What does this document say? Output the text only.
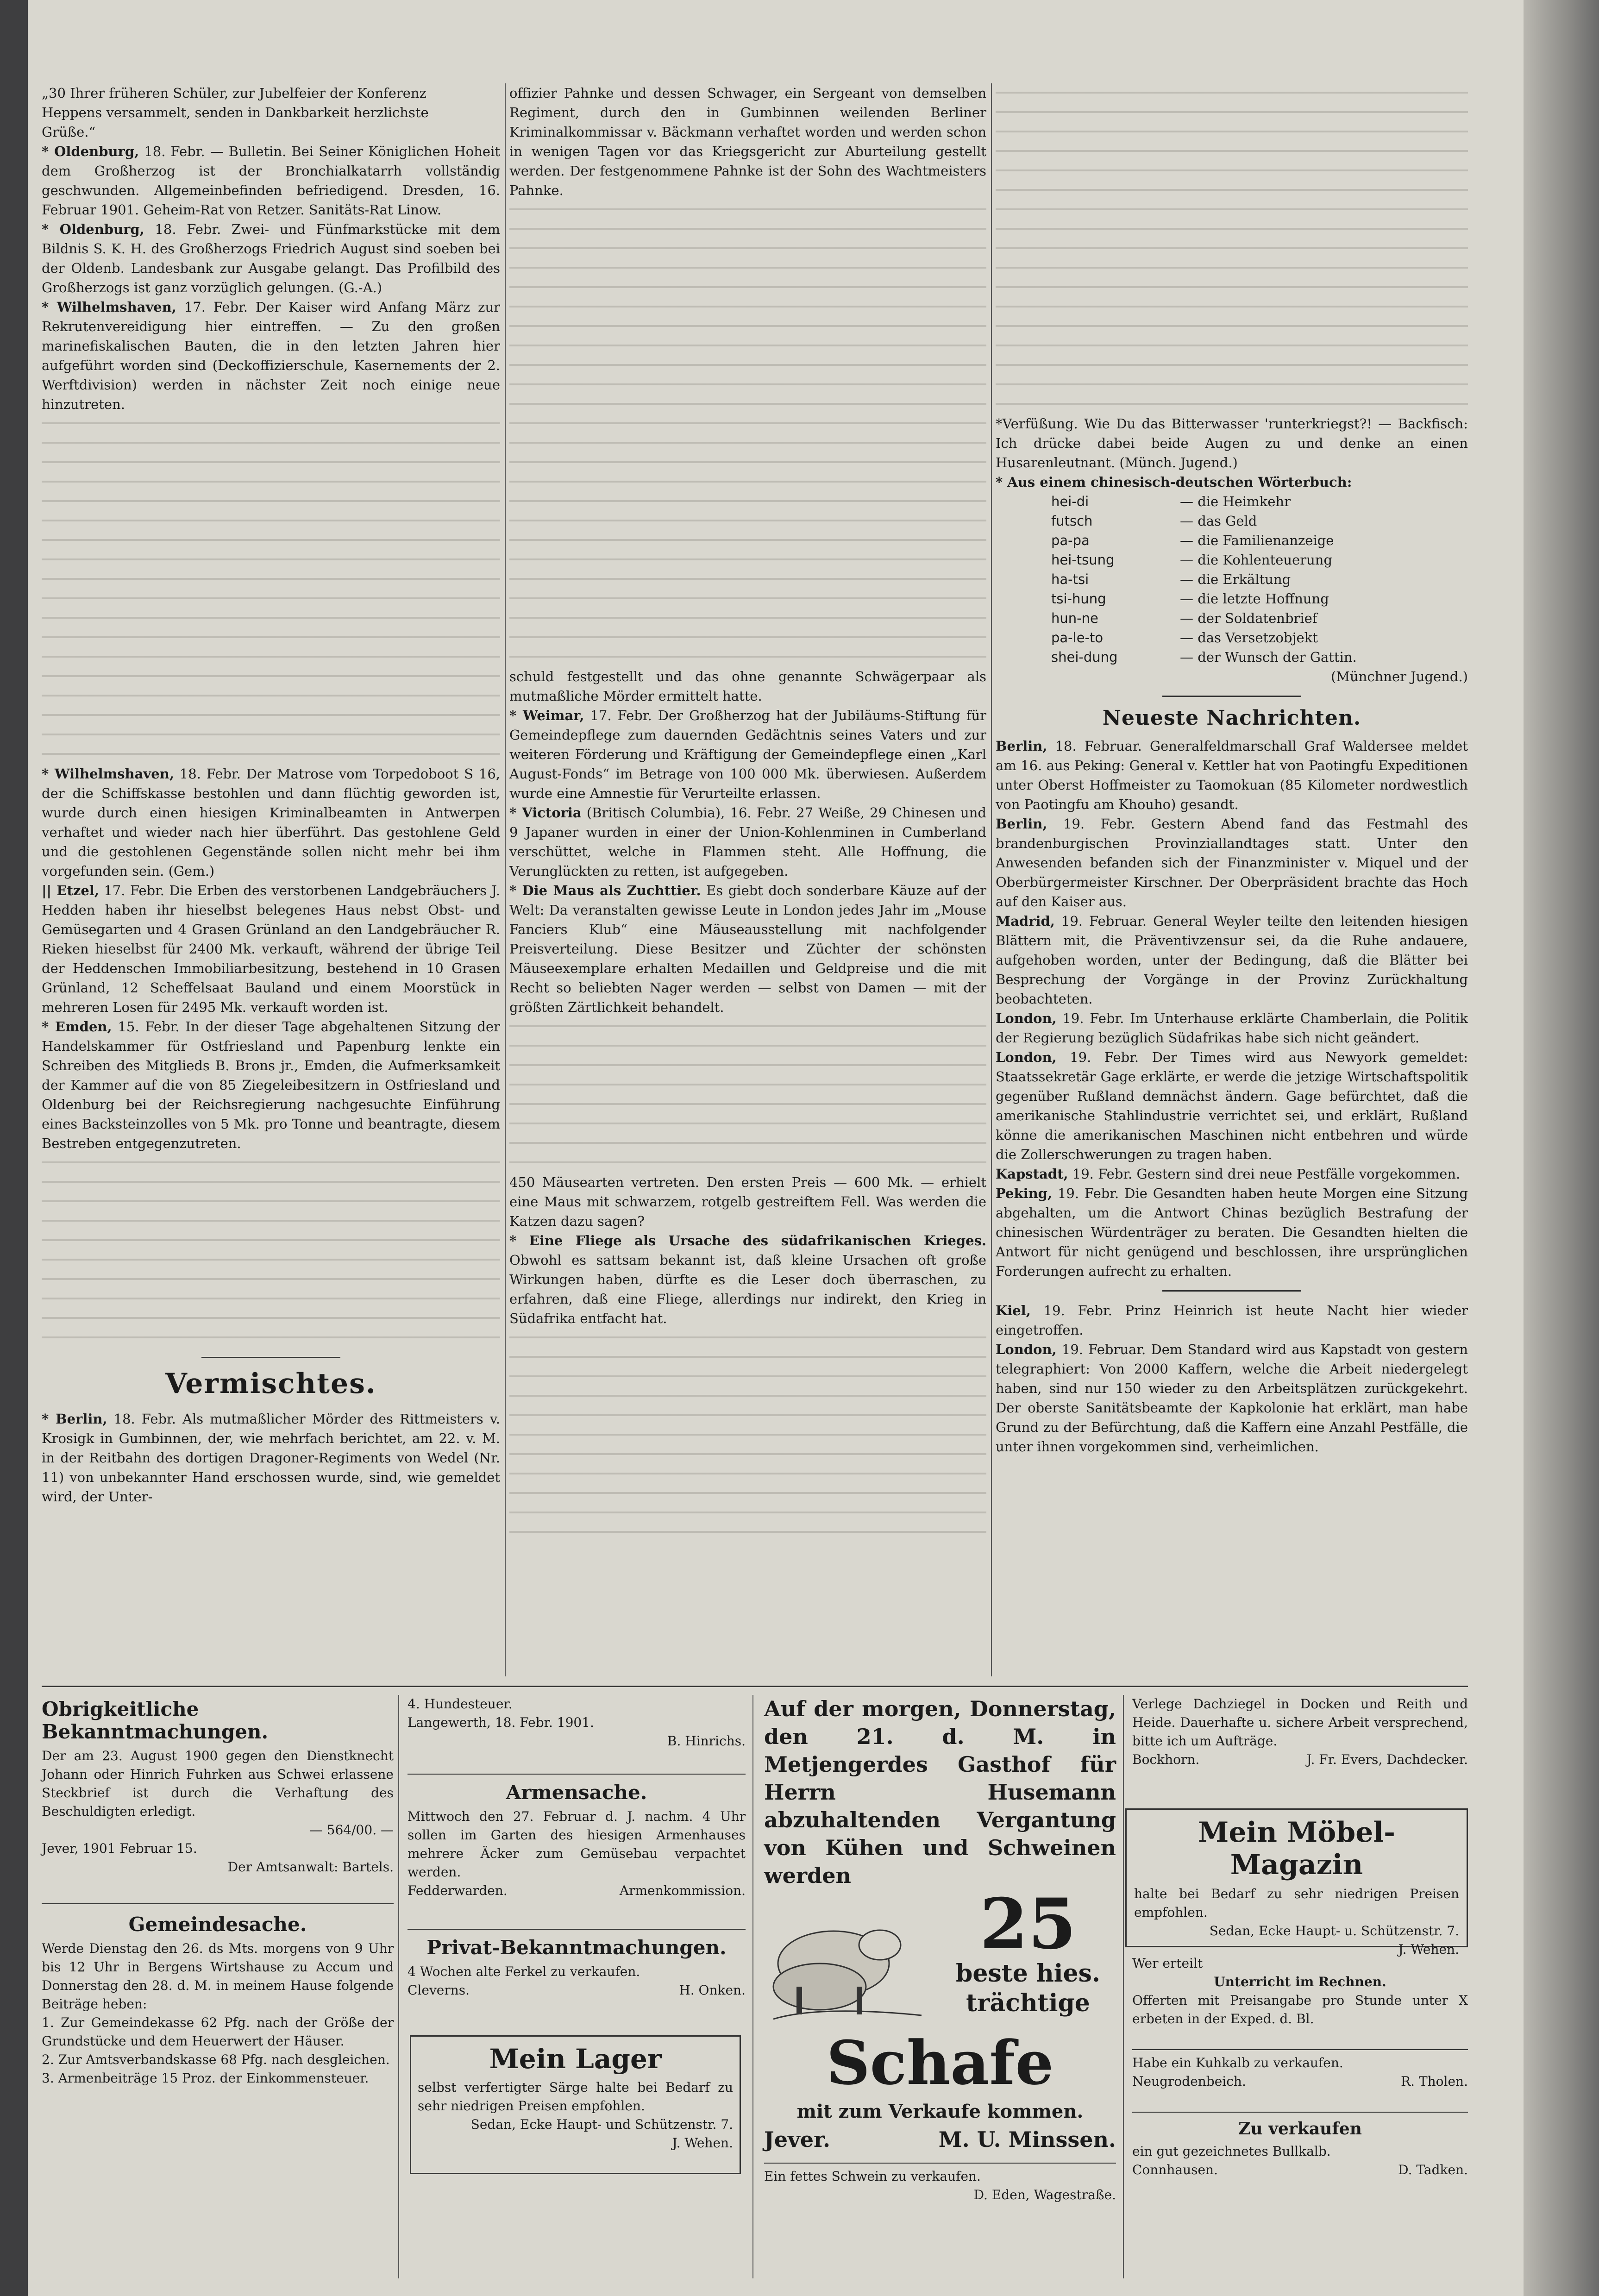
„30 Ihrer früheren Schüler, zur Jubelfeier der Konferenz
Heppens versammelt, senden in Dankbarkeit herzlichste
Grüße.“

* Oldenburg, 18. Febr. — Bulletin. Bei Seiner Königlichen Hoheit dem Großherzog ist der Bronchialkatarrh vollständig geschwunden. Allgemeinbefinden befriedigend. Dresden, 16. Februar 1901. Geheim-Rat von Retzer. Sanitäts-Rat Linow.

* Oldenburg, 18. Febr. Zwei- und Fünfmarkstücke mit dem Bildnis S. K. H. des Großherzogs Friedrich August sind soeben bei der Oldenb. Landesbank zur Ausgabe gelangt. Das Profilbild des Großherzogs ist ganz vorzüglich gelungen. (G.-A.)

* Wilhelmshaven, 17. Febr. Der Kaiser wird Anfang März zur Rekrutenvereidigung hier eintreffen. — Zu den großen marinefiskalischen Bauten, die in den letzten Jahren hier aufgeführt worden sind (Deckoffizierschule, Kasernements der 2. Werftdivision) werden in nächster Zeit noch einige neue hinzutreten.

* Wilhelmshaven, 18. Febr. Der Matrose vom Torpedoboot S 16, der die Schiffskasse bestohlen und dann flüchtig geworden ist, wurde durch einen hiesigen Kriminalbeamten in Antwerpen verhaftet und wieder nach hier überführt. Das gestohlene Geld und die gestohlenen Gegenstände sollen nicht mehr bei ihm vorgefunden sein. (Gem.)

|| Etzel, 17. Febr. Die Erben des verstorbenen Landgebräuchers J. Hedden haben ihr hieselbst belegenes Haus nebst Obst- und Gemüsegarten und 4 Grasen Grünland an den Landgebräucher R. Rieken hieselbst für 2400 Mk. verkauft, während der übrige Teil der Heddenschen Immobiliarbesitzung, bestehend in 10 Grasen Grünland, 12 Scheffelsaat Bauland und einem Moorstück in mehreren Losen für 2495 Mk. verkauft worden ist.

* Emden, 15. Febr. In der dieser Tage abgehaltenen Sitzung der Handelskammer für Ostfriesland und Papenburg lenkte ein Schreiben des Mitglieds B. Brons jr., Emden, die Aufmerksamkeit der Kammer auf die von 85 Ziegeleibesitzern in Ostfriesland und Oldenburg bei der Reichsregierung nachgesuchte Einführung eines Backsteinzolles von 5 Mk. pro Tonne und beantragte, diesem Bestreben entgegenzutreten.

Vermischtes.

* Berlin, 18. Febr. Als mutmaßlicher Mörder des Rittmeisters v. Krosigk in Gumbinnen, der, wie mehrfach berichtet, am 22. v. M. in der Reitbahn des dortigen Dragoner-Regiments von Wedel (Nr. 11) von unbekannter Hand erschossen wurde, sind, wie gemeldet wird, der Unter-

offizier Pahnke und dessen Schwager, ein Sergeant von demselben Regiment, durch den in Gumbinnen weilenden Berliner Kriminalkommissar v. Bäckmann verhaftet worden und werden schon in wenigen Tagen vor das Kriegsgericht zur Aburteilung gestellt werden. Der festgenommene Pahnke ist der Sohn des Wachtmeisters Pahnke.

schuld festgestellt und das ohne genannte Schwägerpaar als mutmaßliche Mörder ermittelt hatte.

* Weimar, 17. Febr. Der Großherzog hat der Jubiläums-Stiftung für Gemeindepflege zum dauernden Gedächtnis seines Vaters und zur weiteren Förderung und Kräftigung der Gemeindepflege einen „Karl August-Fonds“ im Betrage von 100 000 Mk. überwiesen. Außerdem wurde eine Amnestie für Verurteilte erlassen.

* Victoria (Britisch Columbia), 16. Febr. 27 Weiße, 29 Chinesen und 9 Japaner wurden in einer der Union-Kohlenminen in Cumberland verschüttet, welche in Flammen steht. Alle Hoffnung, die Verunglückten zu retten, ist aufgegeben.

* Die Maus als Zuchttier. Es giebt doch sonderbare Käuze auf der Welt: Da veranstalten gewisse Leute in London jedes Jahr im „Mouse Fanciers Klub“ eine Mäuseausstellung mit nachfolgender Preisverteilung. Diese Besitzer und Züchter der schönsten Mäuseexemplare erhalten Medaillen und Geldpreise und die mit Recht so beliebten Nager werden — selbst von Damen — mit der größten Zärtlichkeit behandelt.

450 Mäusearten vertreten. Den ersten Preis — 600 Mk. — erhielt eine Maus mit schwarzem, rotgelb gestreiftem Fell. Was werden die Katzen dazu sagen?

* Eine Fliege als Ursache des südafrikanischen Krieges. Obwohl es sattsam bekannt ist, daß kleine Ursachen oft große Wirkungen haben, dürfte es die Leser doch überraschen, zu erfahren, daß eine Fliege, allerdings nur indirekt, den Krieg in Südafrika entfacht hat.

*Verfüßung. Wie Du das Bitterwasser 'runterkriegst?! — Backfisch: Ich drücke dabei beide Augen zu und denke an einen Husarenleutnant. (Münch. Jugend.)

* Aus einem chinesisch-deutschen Wörterbuch:

hei-di	— die Heimkehr
futsch	— das Geld
pa-pa	— die Familienanzeige
hei-tsung	— die Kohlenteuerung
ha-tsi	— die Erkältung
tsi-hung	— die letzte Hoffnung
hun-ne	— der Soldatenbrief
pa-le-to	— das Versetzobjekt
shei-dung	— der Wunsch der Gattin.
(Münchner Jugend.)
Neueste Nachrichten.

Berlin, 18. Februar. Generalfeldmarschall Graf Waldersee meldet am 16. aus Peking: General v. Kettler hat von Paotingfu Expeditionen unter Oberst Hoffmeister zu Taomokuan (85 Kilometer nordwestlich von Paotingfu am Khouho) gesandt.

Berlin, 19. Febr. Gestern Abend fand das Festmahl des brandenburgischen Provinziallandtages statt. Unter den Anwesenden befanden sich der Finanzminister v. Miquel und der Oberbürgermeister Kirschner. Der Oberpräsident brachte das Hoch auf den Kaiser aus.

Madrid, 19. Februar. General Weyler teilte den leitenden hiesigen Blättern mit, die Präventivzensur sei, da die Ruhe andauere, aufgehoben worden, unter der Bedingung, daß die Blätter bei Besprechung der Vorgänge in der Provinz Zurückhaltung beobachteten.

London, 19. Febr. Im Unterhause erklärte Chamberlain, die Politik der Regierung bezüglich Südafrikas habe sich nicht geändert.

London, 19. Febr. Der Times wird aus Newyork gemeldet: Staatssekretär Gage erklärte, er werde die jetzige Wirtschaftspolitik gegenüber Rußland demnächst ändern. Gage befürchtet, daß die amerikanische Stahlindustrie verrichtet sei, und erklärt, Rußland könne die amerikanischen Maschinen nicht entbehren und würde die Zollerschwerungen zu tragen haben.

Kapstadt, 19. Febr. Gestern sind drei neue Pestfälle vorgekommen.

Peking, 19. Febr. Die Gesandten haben heute Morgen eine Sitzung abgehalten, um die Antwort Chinas bezüglich Bestrafung der chinesischen Würdenträger zu beraten. Die Gesandten hielten die Antwort für nicht genügend und beschlossen, ihre ursprünglichen Forderungen aufrecht zu erhalten.

Kiel, 19. Febr. Prinz Heinrich ist heute Nacht hier wieder eingetroffen.

London, 19. Februar. Dem Standard wird aus Kapstadt von gestern telegraphiert: Von 2000 Kaffern, welche die Arbeit niedergelegt haben, sind nur 150 wieder zu den Arbeitsplätzen zurückgekehrt. Der oberste Sanitätsbeamte der Kapkolonie hat erklärt, man habe Grund zu der Befürchtung, daß die Kaffern eine Anzahl Pestfälle, die unter ihnen vorgekommen sind, verheimlichen.

Obrigkeitliche Bekanntmachungen.

Der am 23. August 1900 gegen den Dienstknecht Johann oder Hinrich Fuhrken aus Schwei erlassene Steckbrief ist durch die Verhaftung des Beschuldigten erledigt.

— 564/00. —
Jever, 1901 Februar 15.
Der Amtsanwalt: Bartels.
Gemeindesache.

Werde Dienstag den 26. ds Mts. morgens von 9 Uhr bis 12 Uhr in Bergens Wirtshause zu Accum und Donnerstag den 28. d. M. in meinem Hause folgende Beiträge heben:

1. Zur Gemeindekasse 62 Pfg. nach der Größe der Grundstücke und dem Heuerwert der Häuser.

2. Zur Amtsverbandskasse 68 Pfg. nach desgleichen.

3. Armenbeiträge 15 Proz. der Einkommensteuer.

4. Hundesteuer.
Langewerth, 18. Febr. 1901.
B. Hinrichs.
Armensache.

Mittwoch den 27. Februar d. J. nachm. 4 Uhr sollen im Garten des hiesigen Armenhauses mehrere Äcker zum Gemüsebau verpachtet werden.

Fedderwarden.	Armenkommission.
Privat-Bekanntmachungen.

4 Wochen alte Ferkel zu verkaufen.

Cleverns.	H. Onken.
Mein Lager

selbst verfertigter Särge halte bei Bedarf zu sehr niedrigen Preisen empfohlen.

Sedan, Ecke Haupt- und Schützenstr. 7.
J. Wehen.

Auf der morgen, Donnerstag, den 21. d. M. in Metjengerdes Gasthof für Herrn Husemann abzuhaltenden Vergantung von Kühen und Schweinen werden

25
beste hies. trächtige
Schafe
mit zum Verkaufe kommen.
Jever.	M. U. Minssen.
Ein fettes Schwein zu verkaufen.
D. Eden, Wagestraße.

Verlege Dachziegel in Docken und Reith und Heide. Dauerhafte u. sichere Arbeit versprechend, bitte ich um Aufträge.

Bockhorn.	J. Fr. Evers, Dachdecker.
Mein Möbel-Magazin

halte bei Bedarf zu sehr niedrigen Preisen empfohlen.

Sedan, Ecke Haupt- u. Schützenstr. 7.
J. Wehen.
Wer erteilt
Unterricht im Rechnen.

Offerten mit Preisangabe pro Stunde unter X erbeten in der Exped. d. Bl.

Habe ein Kuhkalb zu verkaufen.
Neugrodenbeich.	R. Tholen.
Zu verkaufen
ein gut gezeichnetes Bullkalb.
Connhausen.	D. Tadken.
